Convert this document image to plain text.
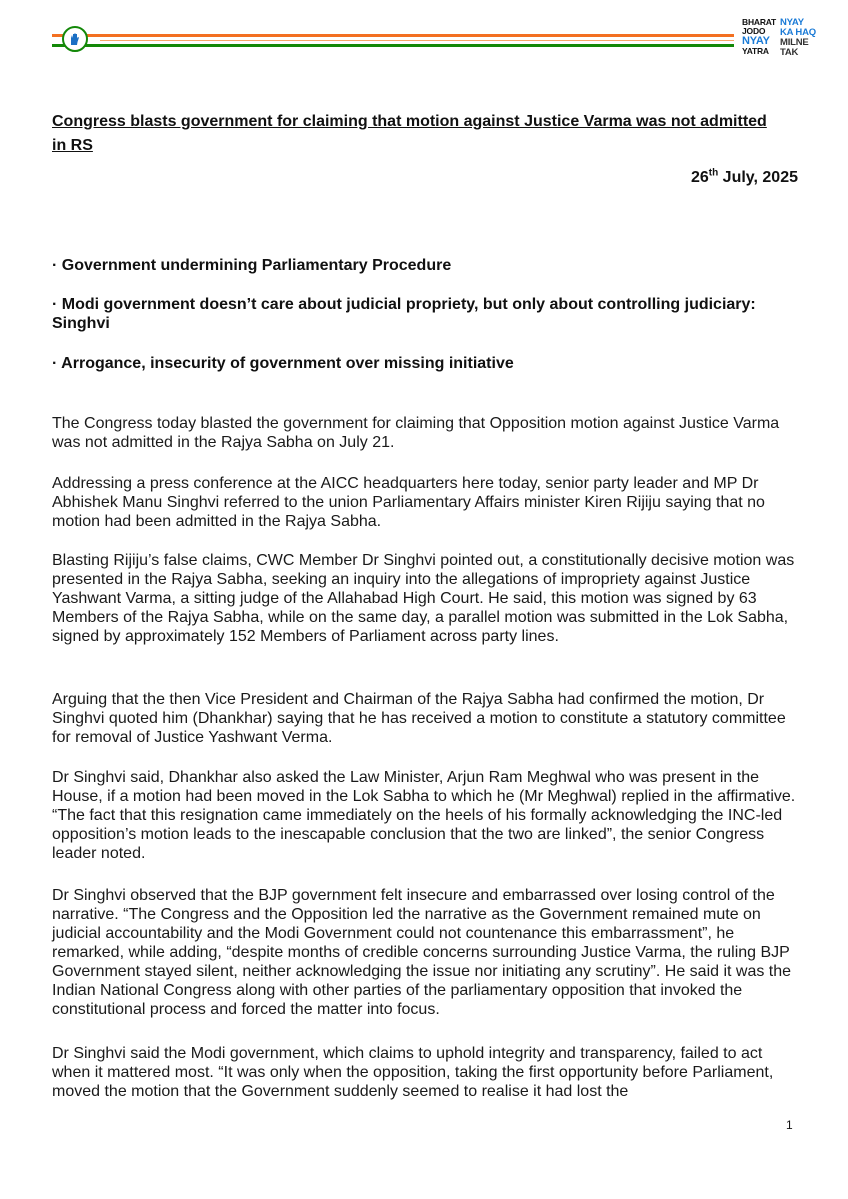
BHARAT
JODO
NYAY
YATRA
NYAY
KA HAQ
MILNE
TAK
Congress blasts government for claiming that motion against Justice Varma was not admitted in RS
26th July, 2025
· Government undermining Parliamentary Procedure
· Modi government doesn’t care about judicial propriety, but only about controlling judiciary: Singhvi
· Arrogance, insecurity of government over missing initiative
The Congress today blasted the government for claiming that Opposition motion against Justice Varma was not admitted in the Rajya Sabha on July 21.
Addressing a press conference at the AICC headquarters here today, senior party leader and MP Dr Abhishek Manu Singhvi referred to the union Parliamentary Affairs minister Kiren Rijiju saying that no motion had been admitted in the Rajya Sabha.
Blasting Rijiju’s false claims, CWC Member Dr Singhvi pointed out, a constitutionally decisive motion was presented in the Rajya Sabha, seeking an inquiry into the allegations of impropriety against Justice Yashwant Varma, a sitting judge of the Allahabad High Court. He said, this motion was signed by 63 Members of the Rajya Sabha, while on the same day, a parallel motion was submitted in the Lok Sabha, signed by approximately 152 Members of Parliament across party lines.
Arguing that the then Vice President and Chairman of the Rajya Sabha had confirmed the motion, Dr Singhvi quoted him (Dhankhar) saying that he has received a motion to constitute a statutory committee for removal of Justice Yashwant Verma.
Dr Singhvi said, Dhankhar also asked the Law Minister, Arjun Ram Meghwal who was present in the House, if a motion had been moved in the Lok Sabha to which he (Mr Meghwal) replied in the affirmative. “The fact that this resignation came immediately on the heels of his formally acknowledging the INC-led opposition’s motion leads to the inescapable conclusion that the two are linked”, the senior Congress leader noted.
Dr Singhvi observed that the BJP government felt insecure and embarrassed over losing control of the narrative. “The Congress and the Opposition led the narrative as the Government remained mute on judicial accountability and the Modi Government could not countenance this embarrassment”, he remarked, while adding, “despite months of credible concerns surrounding Justice Varma, the ruling BJP Government stayed silent, neither acknowledging the issue nor initiating any scrutiny”. He said it was the Indian National Congress along with other parties of the parliamentary opposition that invoked the constitutional process and forced the matter into focus.
Dr Singhvi said the Modi government, which claims to uphold integrity and transparency, failed to act when it mattered most. “It was only when the opposition, taking the first opportunity before Parliament, moved the motion that the Government suddenly seemed to realise it had lost the
1
